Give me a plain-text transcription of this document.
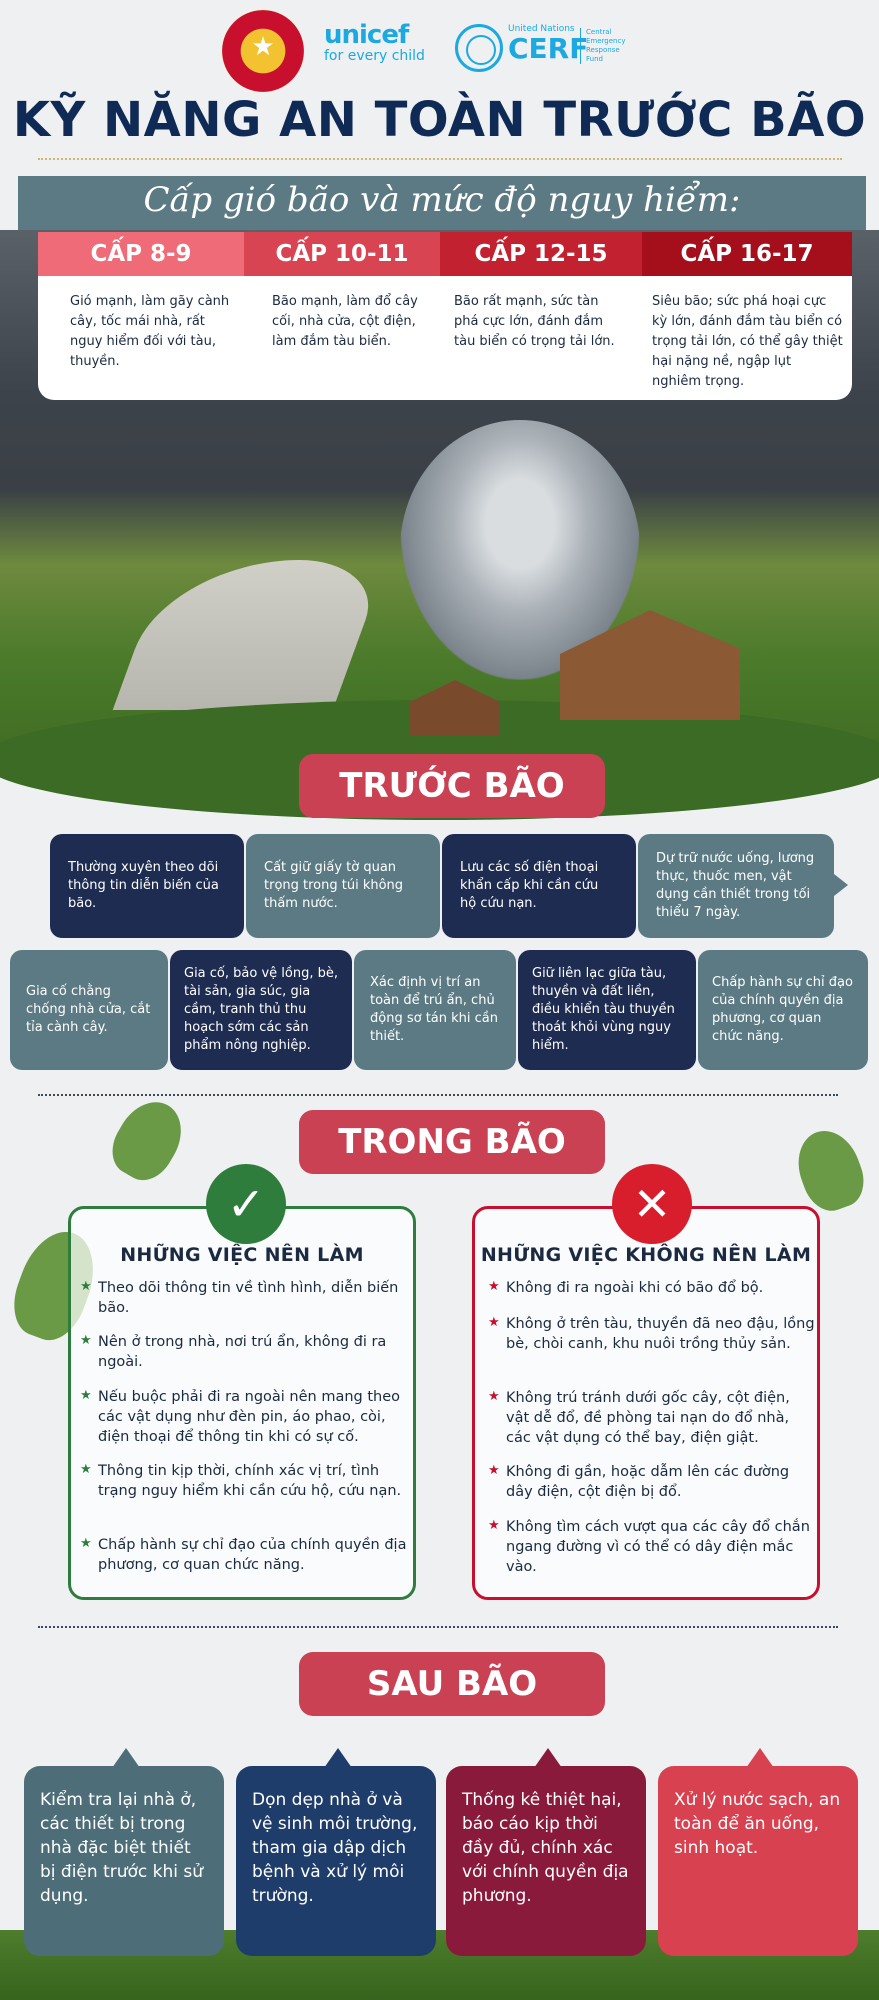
★	unicef
for every child
United Nations
CERF
Central Emergency Response Fund
KỸ NĂNG AN TOÀN TRƯỚC BÃO
Cấp gió bão và mức độ nguy hiểm:
CẤP 8-9	CẤP 10-11	CẤP 12-15	CẤP 16-17
Gió mạnh, làm gãy cành cây, tốc mái nhà, rất nguy hiểm đối với tàu, thuyền.
Bão mạnh, làm đổ cây cối, nhà cửa, cột điện, làm đắm tàu biển.
Bão rất mạnh, sức tàn phá cực lớn, đánh đắm tàu biển có trọng tải lớn.
Siêu bão; sức phá hoại cực kỳ lớn, đánh đắm tàu biển có trọng tải lớn, có thể gây thiệt hại nặng nề, ngập lụt nghiêm trọng.
TRƯỚC BÃO
Thường xuyên theo dõi thông tin diễn biến của bão.
Cất giữ giấy tờ quan trọng trong túi không thấm nước.
Lưu các số điện thoại khẩn cấp khi cần cứu hộ cứu nạn.
Dự trữ nước uống, lương thực, thuốc men, vật dụng cần thiết trong tối thiểu 7 ngày.
Gia cố chằng chống nhà cửa, cắt tỉa cành cây.
Gia cố, bảo vệ lồng, bè, tài sản, gia súc, gia cầm, tranh thủ thu hoạch sớm các sản phẩm nông nghiệp.
Xác định vị trí an toàn để trú ẩn, chủ động sơ tán khi cần thiết.
Giữ liên lạc giữa tàu, thuyền và đất liền, điều khiển tàu thuyền thoát khỏi vùng nguy hiểm.
Chấp hành sự chỉ đạo của chính quyền địa phương, cơ quan chức năng.
TRONG BÃO
✓
NHỮNG VIỆC NÊN LÀM
★ Theo dõi thông tin về tình hình, diễn biến bão.
★ Nên ở trong nhà, nơi trú ẩn, không đi ra ngoài.
★ Nếu buộc phải đi ra ngoài nên mang theo các vật dụng như đèn pin, áo phao, còi, điện thoại để thông tin khi có sự cố.
★ Thông tin kịp thời, chính xác vị trí, tình trạng nguy hiểm khi cần cứu hộ, cứu nạn.
★ Chấp hành sự chỉ đạo của chính quyền địa phương, cơ quan chức năng.
✕
NHỮNG VIỆC KHÔNG NÊN LÀM
★ Không đi ra ngoài khi có bão đổ bộ.
★ Không ở trên tàu, thuyền đã neo đậu, lồng bè, chòi canh, khu nuôi trồng thủy sản.
★ Không trú tránh dưới gốc cây, cột điện, vật dễ đổ, đề phòng tai nạn do đổ nhà, các vật dụng có thể bay, điện giật.
★ Không đi gần, hoặc dẫm lên các đường dây điện, cột điện bị đổ.
★ Không tìm cách vượt qua các cây đổ chắn ngang đường vì có thể có dây điện mắc vào.
SAU BÃO
Kiểm tra lại nhà ở, các thiết bị trong nhà đặc biệt thiết bị điện trước khi sử dụng.
Dọn dẹp nhà ở và vệ sinh môi trường, tham gia dập dịch bệnh và xử lý môi trường.
Thống kê thiệt hại, báo cáo kịp thời đầy đủ, chính xác với chính quyền địa phương.
Xử lý nước sạch, an toàn để ăn uống, sinh hoạt.
